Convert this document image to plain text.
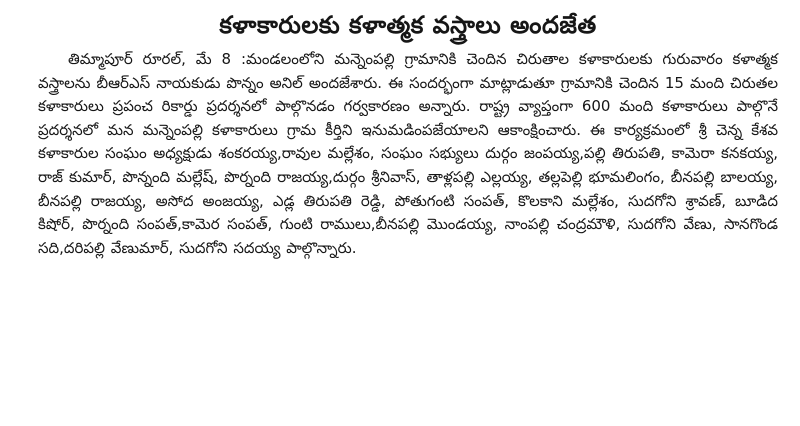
కళాకారులకు కళాత్మక వస్త్రాలు అందజేత

తిమ్మాపూర్ రూరల్, మే 8 :మండలంలోని మన్నెంపల్లి గ్రామానికి చెందిన చిరుతాల కళాకారులకు గురువారం కళాత్మక వస్త్రాలను బీఆర్ఎస్ నాయకుడు పొన్నం అనిల్ అందజేశారు. ఈ సందర్భంగా మాట్లాడుతూ గ్రామానికి చెందిన 15 మంది చిరుతల కళాకారులు ప్రపంచ రికార్డు ప్రదర్శనలో పాల్గొనడం గర్వకారణం అన్నారు. రాష్ట్ర వ్యాప్తంగా 600 మంది కళాకారులు పాల్గొనే ప్రదర్శనలో మన మన్నెంపల్లి కళాకారులు గ్రామ కీర్తిని ఇనుమడింపజేయాలని ఆకాంక్షించారు. ఈ కార్యక్రమంలో శ్రీ చెన్న కేశవ కళాకారుల సంఘం అధ్యక్షుడు శంకరయ్య,రావుల మల్లేశం, సంఘం సభ్యులు దుర్గం జంపయ్య,పల్లి తిరుపతి, కామెరా కనకయ్య, రాజ్ కుమార్, పొన్నంది మల్లేష్, పొర్నంది రాజయ్య,దుర్గం శ్రీనివాస్, తాళ్లపల్లి ఎల్లయ్య, తల్లపెల్లి భూమలింగం, బీనపల్లి బాలయ్య, బీనపల్లి రాజయ్య, అసోద అంజయ్య, ఎడ్ల తిరుపతి రెడ్డి, పోతుగంటి సంపత్, కొలకాని మల్లేశం, సుదగోని శ్రావణ్, బూడిద కిషోర్, పొర్నంది సంపత్,కామెర సంపత్, గుంటి రాములు,బీనపల్లి మొండయ్య, నాంపల్లి చంద్రమౌళి, సుదగోని వేణు, సానగొండ సది,దరిపల్లి వేణుమార్, సుదగోని సదయ్య పాల్గొన్నారు.
